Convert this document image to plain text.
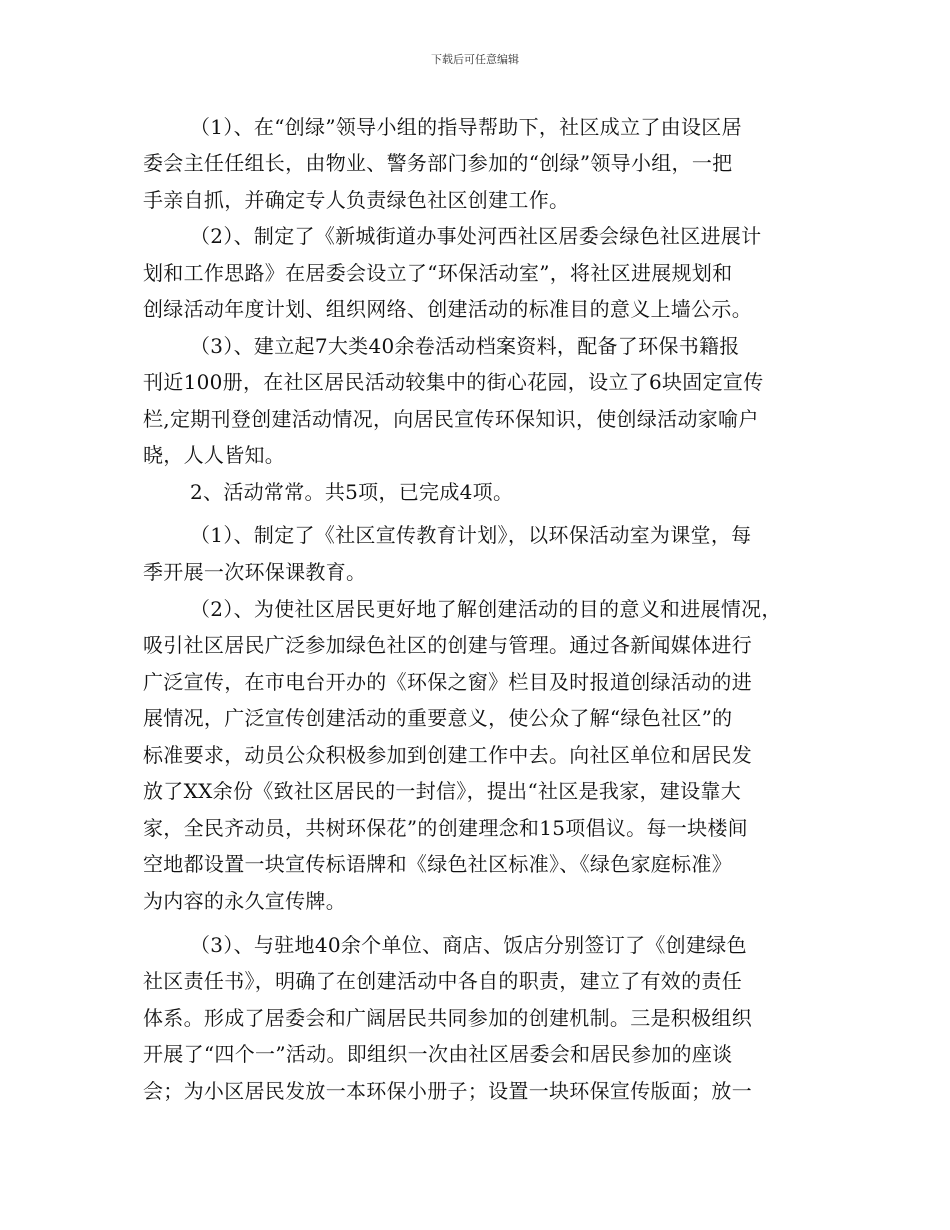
下载后可任意编辑
（1）、在“创绿”领导小组的指导帮助下，社区成立了由设区居
委会主任任组长，由物业、警务部门参加的“创绿”领导小组，一把
手亲自抓，并确定专人负责绿色社区创建工作。
（2）、制定了《新城街道办事处河西社区居委会绿色社区进展计
划和工作思路》在居委会设立了“环保活动室”，将社区进展规划和
创绿活动年度计划、组织网络、创建活动的标准目的意义上墙公示。
（3）、建立起7大类40余卷活动档案资料，配备了环保书籍报
刊近100册，在社区居民活动较集中的街心花园，设立了6块固定宣传
栏,定期刊登创建活动情况，向居民宣传环保知识，使创绿活动家喻户
晓，人人皆知。
2、活动常常。共5项，已完成4项。
（1）、制定了《社区宣传教育计划》，以环保活动室为课堂，每
季开展一次环保课教育。
（2）、为使社区居民更好地了解创建活动的目的意义和进展情况，
吸引社区居民广泛参加绿色社区的创建与管理。通过各新闻媒体进行
广泛宣传，在市电台开办的《环保之窗》栏目及时报道创绿活动的进
展情况，广泛宣传创建活动的重要意义，使公众了解“绿色社区”的
标准要求，动员公众积极参加到创建工作中去。向社区单位和居民发
放了XX余份《致社区居民的一封信》，提出“社区是我家，建设靠大
家，全民齐动员，共树环保花”的创建理念和15项倡议。每一块楼间
空地都设置一块宣传标语牌和《绿色社区标准》、《绿色家庭标准》
为内容的永久宣传牌。
（3）、与驻地40余个单位、商店、饭店分别签订了《创建绿色
社区责任书》，明确了在创建活动中各自的职责，建立了有效的责任
体系。形成了居委会和广阔居民共同参加的创建机制。三是积极组织
开展了“四个一”活动。即组织一次由社区居委会和居民参加的座谈
会；为小区居民发放一本环保小册子；设置一块环保宣传版面；放一
